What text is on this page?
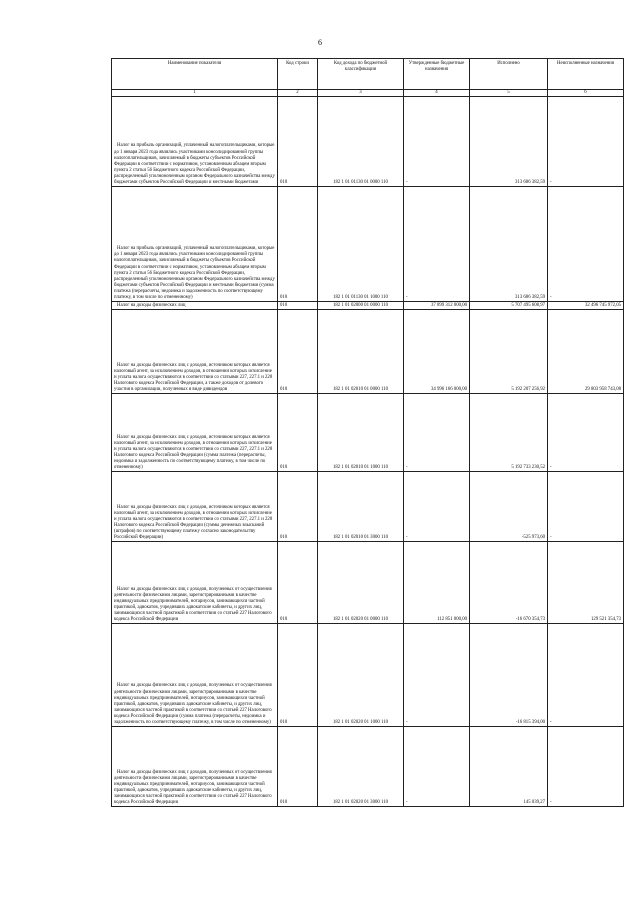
6
Наименование показателя	Код строки	Код дохода по бюджетной классификации	Утвержденные бюджетные назначения	Исполнено	Неисполненные назначения
1	2	3	4	5	6

Налог на прибыль организаций, уплаченный налогоплательщиками, которые до 1 января 2023 года являлись участниками консолидированной группы налогоплательщиков, зачисляемый в бюджеты субъектов Российской Федерации в соответствии с нормативом, установленным абзацем вторым пункта 2 статьи 56 Бюджетного кодекса Российской Федерации, распределенный уполномоченным органом Федерального казначейства между бюджетами субъектов Российской Федерации и местными бюджетами	010	182 1 01 01130 01 0000 110	-	313 686 382,59	-

Налог на прибыль организаций, уплаченный налогоплательщиками, которые до 1 января 2023 года являлись участниками консолидированной группы налогоплательщиков, зачисляемый в бюджеты субъектов Российской Федерации в соответствии с нормативом, установленным абзацем вторым пункта 2 статьи 56 Бюджетного кодекса Российской Федерации, распределенный уполномоченным органом Федерального казначейства между бюджетами субъектов Российской Федерации и местными бюджетами (сумма платежа (перерасчеты, недоимка и задолженность по соответствующему платежу, в том числе по отмененному)	010	182 1 01 01130 01 1000 110	-	313 686 382,59	-

Налог на доходы физических лиц	010	182 1 01 02000 01 0000 110	37 899 312 000,00	5 707 495 608,97	32 496 745 972,05

Налог на доходы физических лиц с доходов, источником которых является налоговый агент, за исключением доходов, в отношении которых исчисление и уплата налога осуществляются в соответствии со статьями 227, 227.1 и 228 Налогового кодекса Российской Федерации, а также доходов от долевого участия в организации, полученных в виде дивидендов	010	182 1 01 02010 01 0000 110	34 996 166 000,00	5 192 207 256,92	29 803 958 743,08

Налог на доходы физических лиц с доходов, источником которых является налоговый агент, за исключением доходов, в отношении которых исчисление и уплата налога осуществляются в соответствии со статьями 227, 227.1 и 228 Налогового кодекса Российской Федерации (сумма платежа (перерасчеты, недоимка и задолженность по соответствующему платежу, в том числе по отмененному)	010	182 1 01 02010 01 1000 110	-	5 192 733 230,52	-

Налог на доходы физических лиц с доходов, источником которых является налоговый агент, за исключением доходов, в отношении которых исчисление и уплата налога осуществляются в соответствии со статьями 227, 227.1 и 228 Налогового кодекса Российской Федерации (суммы денежных взысканий (штрафов) по соответствующему платежу согласно законодательству Российской Федерации)	010	182 1 01 02010 01 3000 110	-	-525 973,60	-

Налог на доходы физических лиц с доходов, полученных от осуществления деятельности физическими лицами, зарегистрированными в качестве индивидуальных предпринимателей, нотариусов, занимающихся частной практикой, адвокатов, учредивших адвокатские кабинеты, и других лиц, занимающихся частной практикой в соответствии со статьей 227 Налогового кодекса Российской Федерации	010	182 1 01 02020 01 0000 110	112 851 000,00	-16 670 354,73	129 521 354,73

Налог на доходы физических лиц с доходов, полученных от осуществления деятельности физическими лицами, зарегистрированными в качестве индивидуальных предпринимателей, нотариусов, занимающихся частной практикой, адвокатов, учредивших адвокатские кабинеты, и других лиц, занимающихся частной практикой в соответствии со статьей 227 Налогового кодекса Российской Федерации (сумма платежа (перерасчеты, недоимка и задолженность по соответствующему платежу, в том числе по отмененному)	010	182 1 01 02020 01 1000 110	-	-16 815 394,00	-

Налог на доходы физических лиц с доходов, полученных от осуществления деятельности физическими лицами, зарегистрированными в качестве индивидуальных предпринимателей, нотариусов, занимающихся частной практикой, адвокатов, учредивших адвокатские кабинеты, и других лиц, занимающихся частной практикой в соответствии со статьей 227 Налогового кодекса Российской Федерации	010	182 1 01 02020 01 3000 110	-	145 039,27	-
